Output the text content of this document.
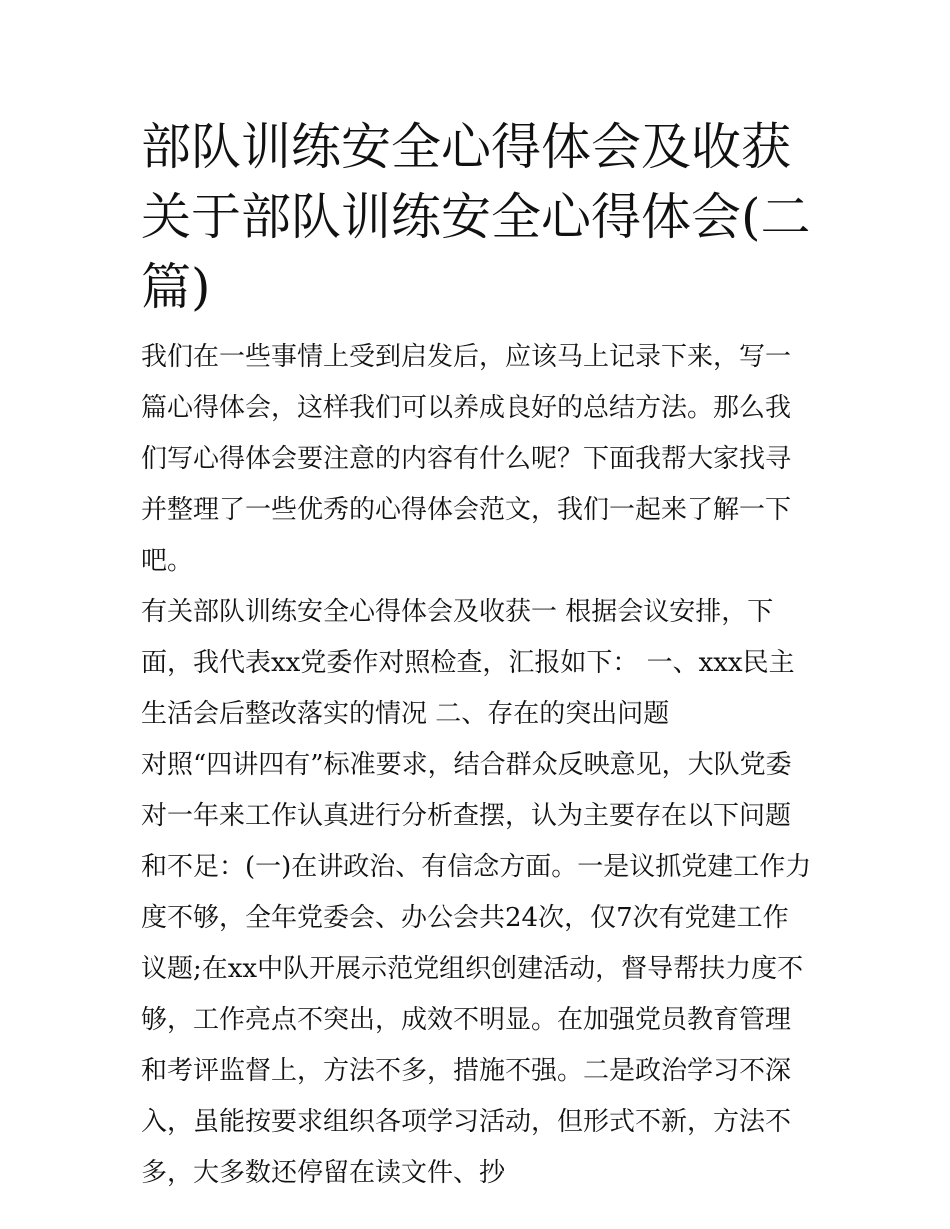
部队训练安全心得体会及收获关于部队训练安全心得体会(二篇)

我们在一些事情上受到启发后，应该马上记录下来，写一篇心得体会，这样我们可以养成良好的总结方法。那么我们写心得体会要注意的内容有什么呢？下面我帮大家找寻并整理了一些优秀的心得体会范文，我们一起来了解一下吧。

有关部队训练安全心得体会及收获一 根据会议安排，下面，我代表xx党委作对照检查，汇报如下： 一、xxx民主生活会后整改落实的情况 二、存在的突出问题

对照“四讲四有”标准要求，结合群众反映意见，大队党委对一年来工作认真进行分析查摆，认为主要存在以下问题和不足：(一)在讲政治、有信念方面。一是议抓党建工作力度不够，全年党委会、办公会共24次，仅7次有党建工作议题;在xx中队开展示范党组织创建活动，督导帮扶力度不够，工作亮点不突出，成效不明显。在加强党员教育管理和考评监督上，方法不多，措施不强。二是政治学习不深入，虽能按要求组织各项学习活动，但形式不新，方法不多，大多数还停留在读文件、抄
